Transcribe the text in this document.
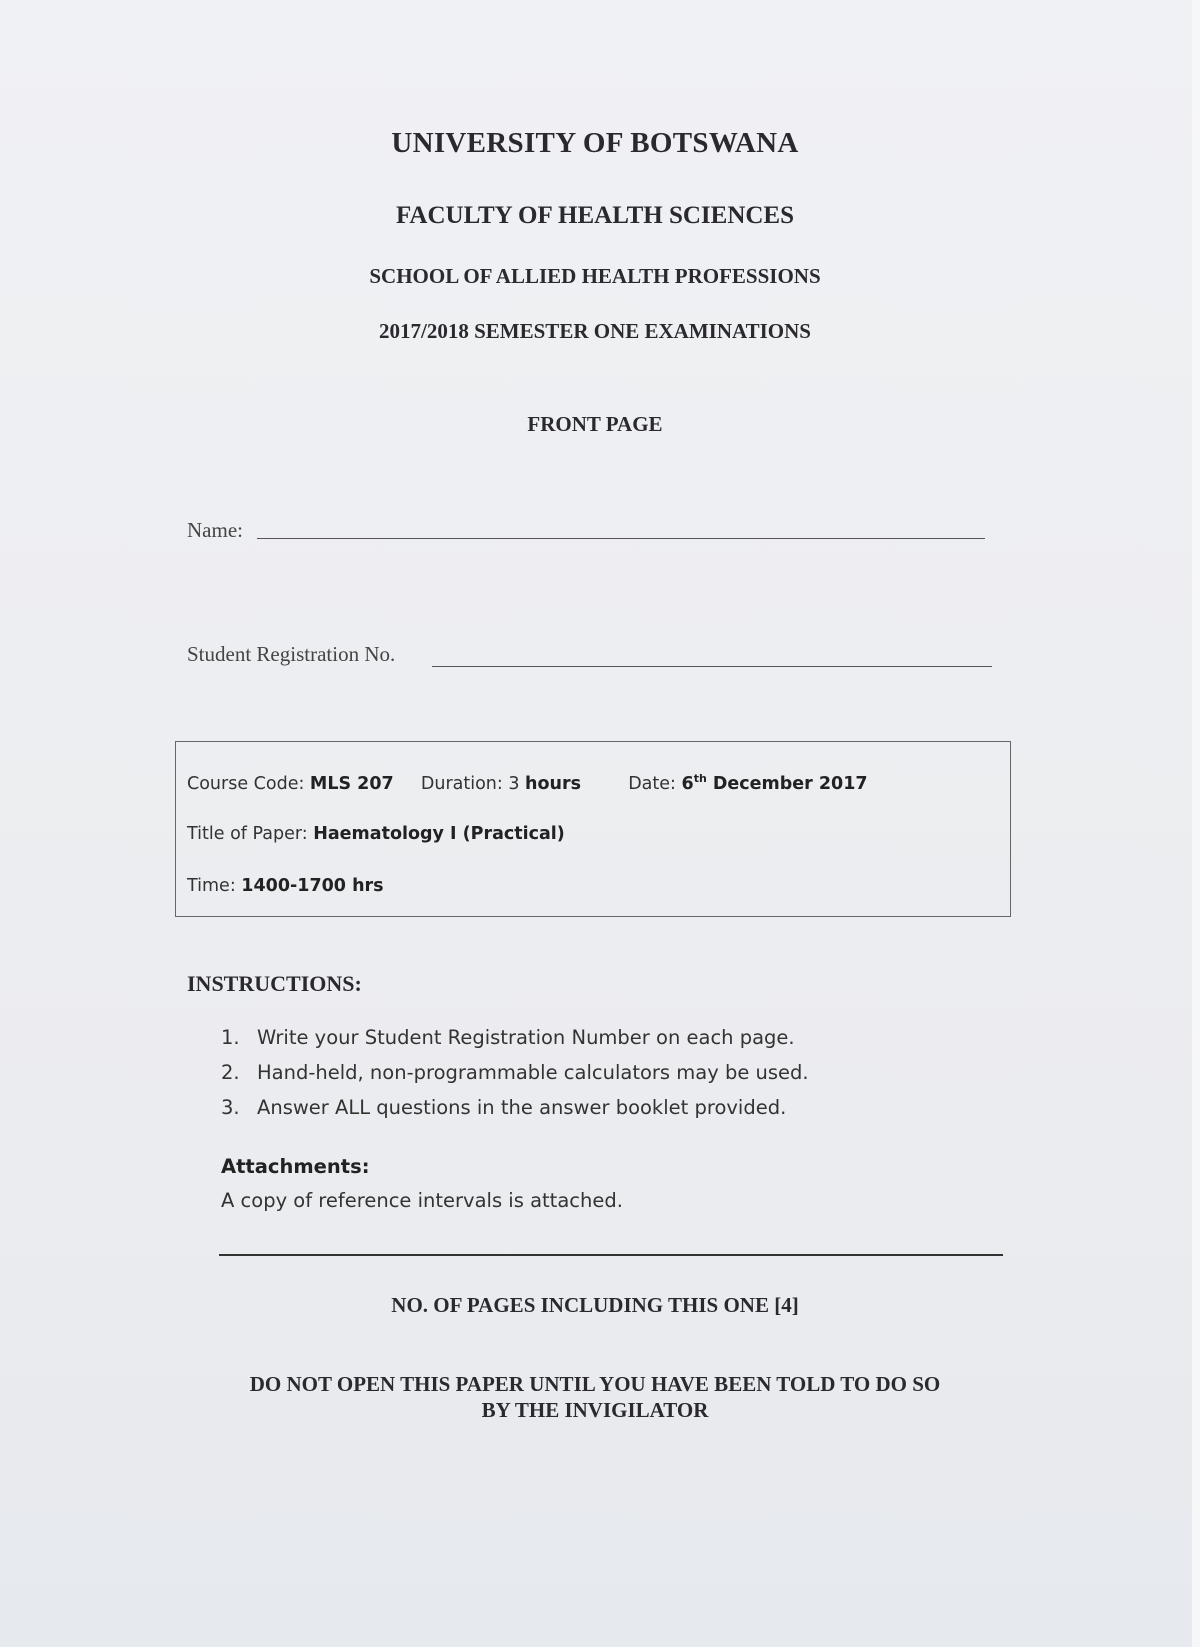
UNIVERSITY OF BOTSWANA
FACULTY OF HEALTH SCIENCES
SCHOOL OF ALLIED HEALTH PROFESSIONS
2017/2018 SEMESTER ONE EXAMINATIONS
FRONT PAGE
Name:
Student Registration No.
Course Code: MLS 207 Duration: 3 hours	Date: 6th December 2017
Title of Paper: Haematology I (Practical)
Time: 1400-1700 hrs
INSTRUCTIONS:
1. Write your Student Registration Number on each page.
2. Hand-held, non-programmable calculators may be used.
3. Answer ALL questions in the answer booklet provided.
Attachments:
A copy of reference intervals is attached.
NO. OF PAGES INCLUDING THIS ONE [4]
DO NOT OPEN THIS PAPER UNTIL YOU HAVE BEEN TOLD TO DO SO
BY THE INVIGILATOR
